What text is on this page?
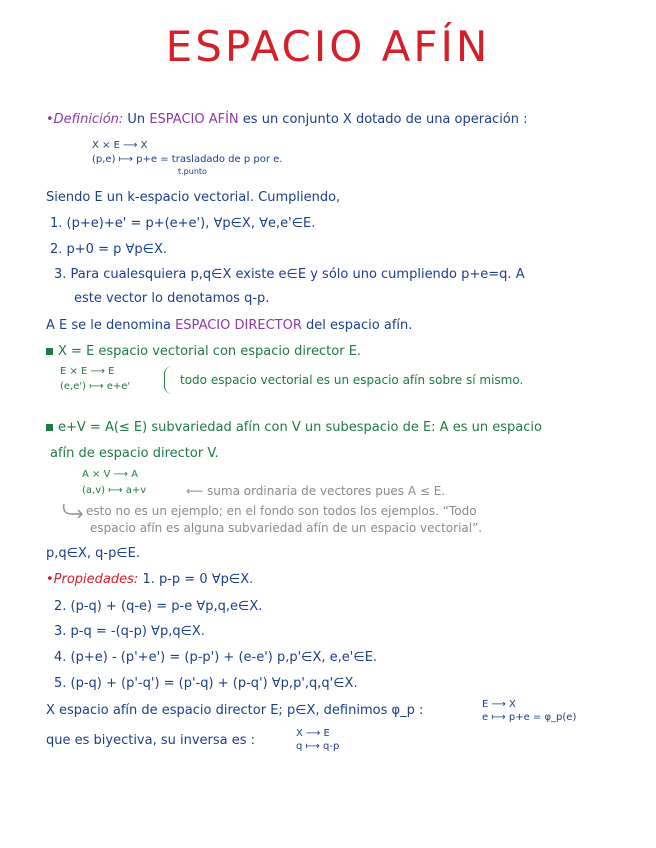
ESPACIO AFÍN
•Definición: Un ESPACIO AFÍN es un conjunto X dotado de una operación :
X × E ⟶ X
(p,e) ⟼ p+e = trasladado de p por e.
t.punto
Siendo E un k-espacio vectorial. Cumpliendo,
1. (p+e)+e' = p+(e+e'), ∀p∈X, ∀e,e'∈E.
2. p+0 = p ∀p∈X.
3. Para cualesquiera p,q∈X existe e∈E y sólo uno cumpliendo p+e=q. A
este vector lo denotamos q-p.
A E se le denomina ESPACIO DIRECTOR del espacio afín.
X = E espacio vectorial con espacio director E.
E × E ⟶ E
(e,e') ⟼ e+e'	todo espacio vectorial es un espacio afín sobre sí mismo.
e+V = A(≤ E) subvariedad afín con V un subespacio de E: A es un espacio
afín de espacio director V.
A × V ⟶ A
(a,v) ⟼ a+v	⟵ suma ordinaria de vectores pues A ≤ E.
esto no es un ejemplo; en el fondo son todos los ejemplos. “Todo
espacio afín es alguna subvariedad afín de un espacio vectorial”.
p,q∈X, q-p∈E.
•Propiedades: 1. p-p = 0 ∀p∈X.
2. (p-q) + (q-e) = p-e ∀p,q,e∈X.
3. p-q = -(q-p) ∀p,q∈X.
4. (p+e) - (p'+e') = (p-p') + (e-e') p,p'∈X, e,e'∈E.
5. (p-q) + (p'-q') = (p'-q) + (p-q') ∀p,p',q,q'∈X.
X espacio afín de espacio director E; p∈X, definimos φ_p :	E ⟶ X
e ⟼ p+e = φ_p(e)
que es biyectiva, su inversa es :	X ⟶ E
q ⟼ q-p
